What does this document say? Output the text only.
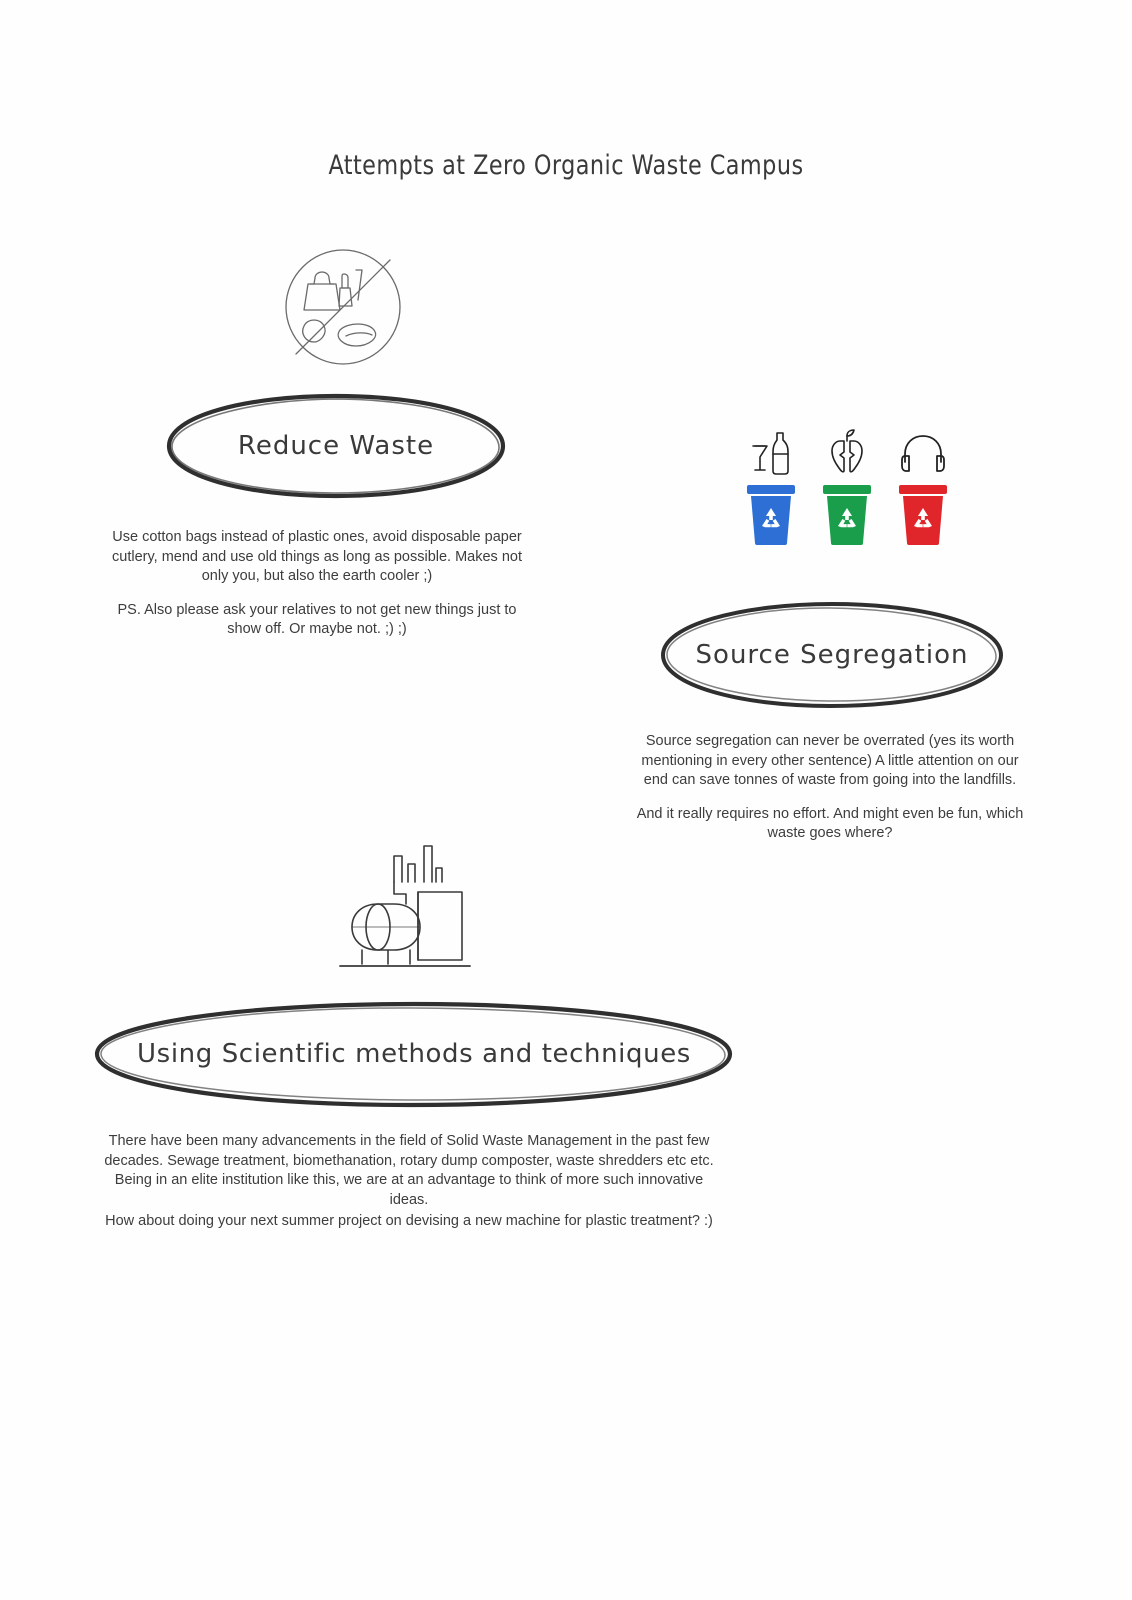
Attempts at Zero Organic Waste Campus
Reduce Waste

Use cotton bags instead of plastic ones, avoid disposable paper cutlery, mend and use old things as long as possible. Makes not only you, but also the earth cooler ;)

PS. Also please ask your relatives to not get new things just to show off. Or maybe not. ;) ;)

Source Segregation

Source segregation can never be overrated (yes its worth mentioning in every other sentence) A little attention on our end can save tonnes of waste from going into the landfills.

And it really requires no effort. And might even be fun, which waste goes where?

Using Scientific methods and techniques

There have been many advancements in the field of Solid Waste Management in the past few decades. Sewage treatment, biomethanation, rotary dump composter, waste shredders etc etc. Being in an elite institution like this, we are at an advantage to think of more such innovative ideas.

How about doing your next summer project on devising a new machine for plastic treatment? :)
